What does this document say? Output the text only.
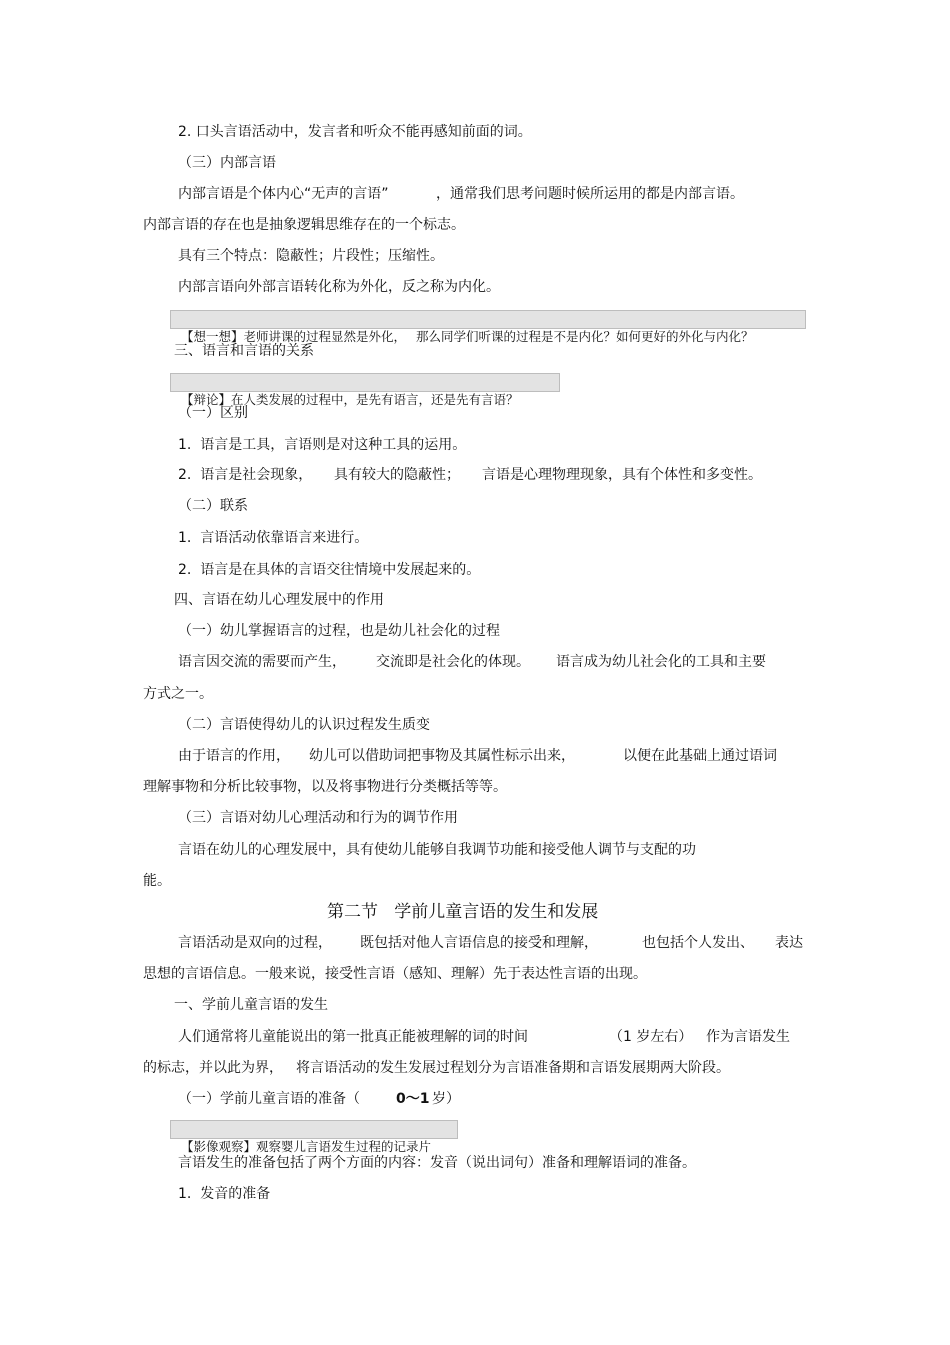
2. 口头言语活动中，发言者和听众不能再感知前面的词。
（三）内部言语
内部言语是个体内心“无声的言语”	，通常我们思考问题时候所运用的都是内部言语。
内部言语的存在也是抽象逻辑思维存在的一个标志。
具有三个特点：隐蔽性；片段性；压缩性。
内部言语向外部言语转化称为外化，反之称为内化。

【想一想】老师讲课的过程显然是外化， 那么同学们听课的过程是不是内化？如何更好的外化与内化？

三、语言和言语的关系

【辩论】在人类发展的过程中，是先有语言，还是先有言语？

（一）区别
1.  语言是工具，言语则是对这种工具的运用。
2.  语言是社会现象， 具有较大的隐蔽性； 言语是心理物理现象，具有个体性和多变性。
（二）联系
1.  言语活动依靠语言来进行。
2.  语言是在具体的言语交往情境中发展起来的。
四、言语在幼儿心理发展中的作用
（一）幼儿掌握语言的过程，也是幼儿社会化的过程
语言因交流的需要而产生， 交流即是社会化的体现。 语言成为幼儿社会化的工具和主要
方式之一。
（二）言语使得幼儿的认识过程发生质变
由于语言的作用， 幼儿可以借助词把事物及其属性标示出来，	以便在此基础上通过语词
理解事物和分析比较事物，以及将事物进行分类概括等等。
（三）言语对幼儿心理活动和行为的调节作用
言语在幼儿的心理发展中，具有使幼儿能够自我调节功能和接受他人调节与支配的功
能。
第二节   学前儿童言语的发生和发展
言语活动是双向的过程， 既包括对他人言语信息的接受和理解，	也包括个人发出、 表达
思想的言语信息。一般来说，接受性言语（感知、理解）先于表达性言语的出现。
一、学前儿童言语的发生
人们通常将儿童能说出的第一批真正能被理解的词的时间	（1 岁左右） 作为言语发生
的标志，并以此为界， 将言语活动的发生发展过程划分为言语准备期和言语发展期两大阶段。
（一）学前儿童言语的准备（	0～1 岁）

【影像观察】观察婴儿言语发生过程的记录片

言语发生的准备包括了两个方面的内容：发音（说出词句）准备和理解语词的准备。
1.  发音的准备
